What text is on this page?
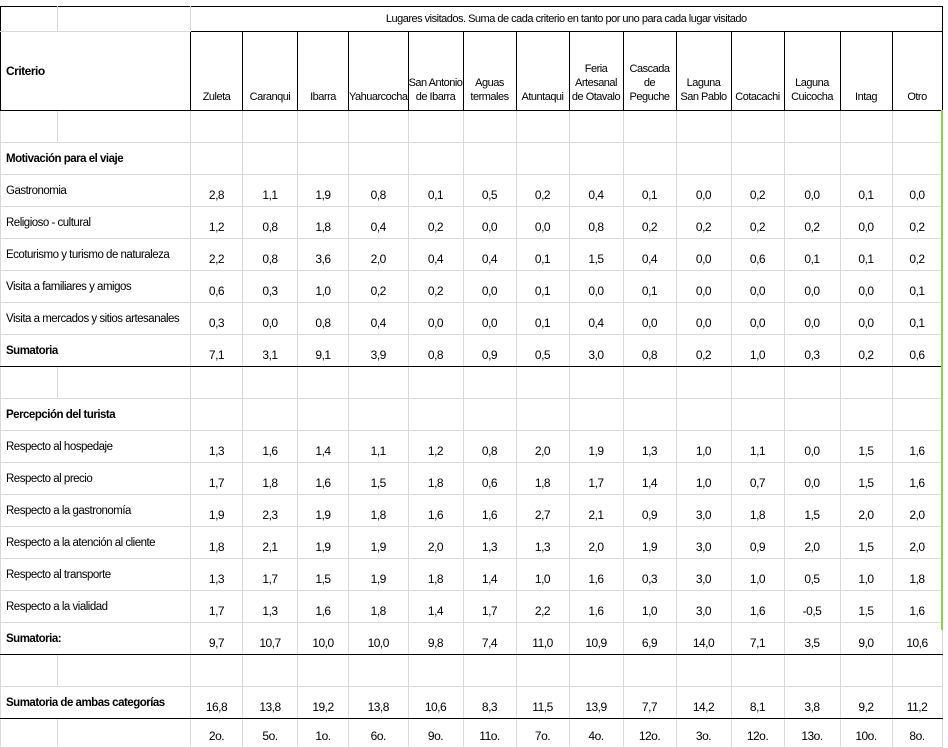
		Lugares visitados. Suma de cada criterio en tanto por uno para cada lugar visitado													
Criterio		Zuleta	Caranqui	Ibarra	Yahuarcocha	San Antonio de Ibarra	Aguas termales	Atuntaqui	Feria Artesanal de Otavalo	Cascada de Peguche	Laguna San Pablo	Cotacachi	Laguna Cuicocha	Intag	Otro

Motivación para el viaje															
Gastronomia		2,8	1,1	1,9	0,8	0,1	0,5	0,2	0,4	0,1	0,0	0,2	0,0	0,1	0,0
Religioso - cultural		1,2	0,8	1,8	0,4	0,2	0,0	0,0	0,8	0,2	0,2	0,2	0,2	0,0	0,2
Ecoturismo y turismo de naturaleza		2,2	0,8	3,6	2,0	0,4	0,4	0,1	1,5	0,4	0,0	0,6	0,1	0,1	0,2
Visita a familiares y amigos		0,6	0,3	1,0	0,2	0,2	0,0	0,1	0,0	0,1	0,0	0,0	0,0	0,0	0,1
Visita a mercados y sitios artesanales		0,3	0,0	0,8	0,4	0,0	0,0	0,1	0,4	0,0	0,0	0,0	0,0	0,0	0,1
Sumatoria		7,1	3,1	9,1	3,9	0,8	0,9	0,5	3,0	0,8	0,2	1,0	0,3	0,2	0,6

Percepción del turista															
Respecto al hospedaje		1,3	1,6	1,4	1,1	1,2	0,8	2,0	1,9	1,3	1,0	1,1	0,0	1,5	1,6
Respecto al precio		1,7	1,8	1,6	1,5	1,8	0,6	1,8	1,7	1,4	1,0	0,7	0,0	1,5	1,6
Respecto a la gastronomía		1,9	2,3	1,9	1,8	1,6	1,6	2,7	2,1	0,9	3,0	1,8	1,5	2,0	2,0
Respecto a la atención al cliente		1,8	2,1	1,9	1,9	2,0	1,3	1,3	2,0	1,9	3,0	0,9	2,0	1,5	2,0
Respecto al transporte		1,3	1,7	1,5	1,9	1,8	1,4	1,0	1,6	0,3	3,0	1,0	0,5	1,0	1,8
Respecto a la vialidad		1,7	1,3	1,6	1,8	1,4	1,7	2,2	1,6	1,0	3,0	1,6	-0,5	1,5	1,6
Sumatoria:		9,7	10,7	10,0	10,0	9,8	7,4	11,0	10,9	6,9	14,0	7,1	3,5	9,0	10,6

Sumatoria de ambas categorías		16,8	13,8	19,2	13,8	10,6	8,3	11,5	13,9	7,7	14,2	8,1	3,8	9,2	11,2
		2o.	5o.	1o.	6o.	9o.	11o.	7o.	4o.	12o.	3o.	12o.	13o.	10o.	8o.
